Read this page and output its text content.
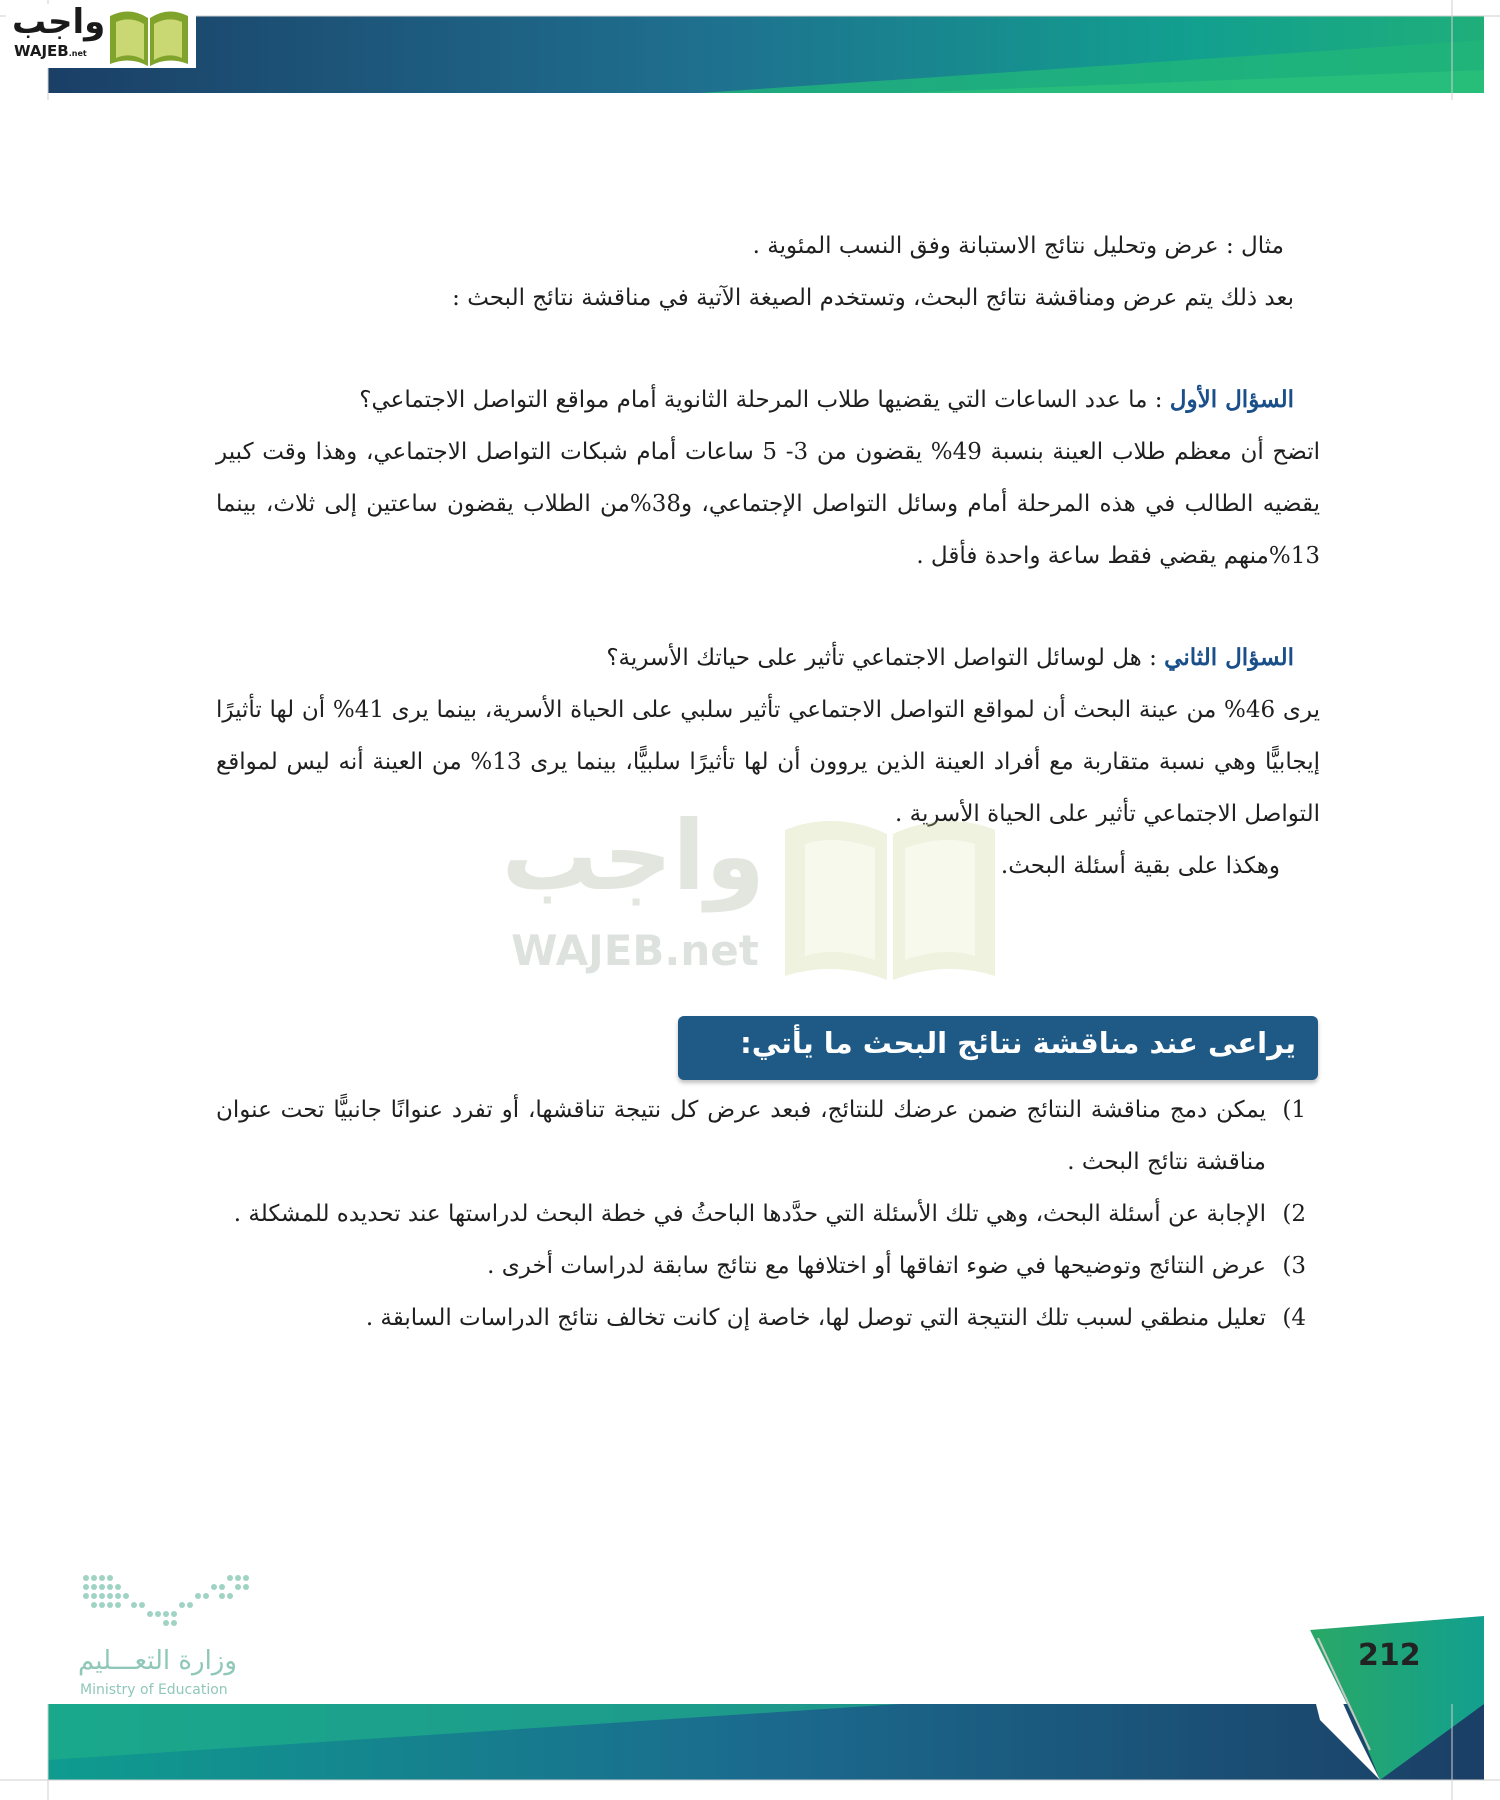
واجب
WAJEB.net
مثال : عرض وتحليل نتائج الاستبانة وفق النسب المئوية .
بعد ذلك يتم عرض ومناقشة نتائج البحث، وتستخدم الصيغة الآتية في مناقشة نتائج البحث :
السؤال الأول : ما عدد الساعات التي يقضيها طلاب المرحلة الثانوية أمام مواقع التواصل الاجتماعي؟
اتضح أن معظم طلاب العينة بنسبة 49% يقضون من 3- 5 ساعات أمام شبكات التواصل الاجتماعي، وهذا وقت كبير يقضيه الطالب في هذه المرحلة أمام وسائل التواصل الإجتماعي، و38%من الطلاب يقضون ساعتين إلى ثلاث، بينما 13%منهم يقضي فقط ساعة واحدة فأقل .
السؤال الثاني : هل لوسائل التواصل الاجتماعي تأثير على حياتك الأسرية؟
يرى 46% من عينة البحث أن لمواقع التواصل الاجتماعي تأثير سلبي على الحياة الأسرية، بينما يرى 41% أن لها تأثيرًا إيجابيًّا وهي نسبة متقاربة مع أفراد العينة الذين يروون أن لها تأثيرًا سلبيًّا، بينما يرى 13% من العينة أنه ليس لمواقع التواصل الاجتماعي تأثير على الحياة الأسرية .
وهكذا على بقية أسئلة البحث.
واجب
WAJEB.net
يراعى عند مناقشة نتائج البحث ما يأتي:
1)
يمكن دمج مناقشة النتائج ضمن عرضك للنتائج، فبعد عرض كل نتيجة تناقشها، أو تفرد عنوانًا جانبيًّا تحت عنوان مناقشة نتائج البحث .
2)
الإجابة عن أسئلة البحث، وهي تلك الأسئلة التي حدَّدها الباحثُ في خطة البحث لدراستها عند تحديده للمشكلة .
3)
عرض النتائج وتوضيحها في ضوء اتفاقها أو اختلافها مع نتائج سابقة لدراسات أخرى .
4)
تعليل منطقي لسبب تلك النتيجة التي توصل لها، خاصة إن كانت تخالف نتائج الدراسات السابقة .
وزارة التعـــليم
Ministry of Education
212
